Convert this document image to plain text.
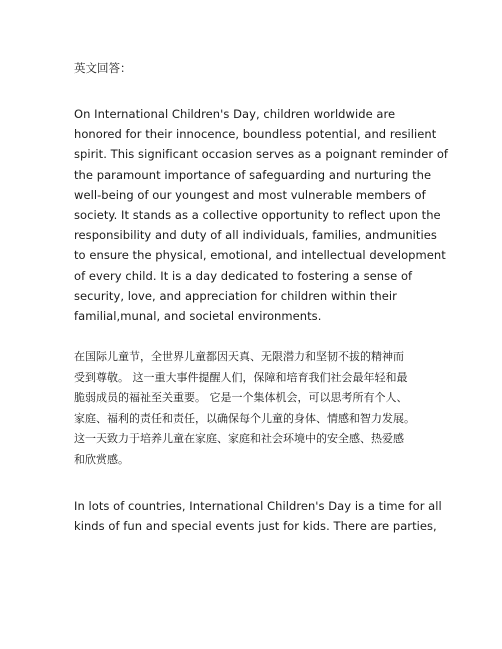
英文回答：

On International Children's Day, children worldwide are
honored for their innocence, boundless potential, and resilient
spirit. This significant occasion serves as a poignant reminder of
the paramount importance of safeguarding and nurturing the
well-being of our youngest and most vulnerable members of
society. It stands as a collective opportunity to reflect upon the
responsibility and duty of all individuals, families, andmunities
to ensure the physical, emotional, and intellectual development
of every child. It is a day dedicated to fostering a sense of
security, love, and appreciation for children within their
familial,munal, and societal environments.

在国际儿童节，全世界儿童都因天真、无限潜力和坚韧不拔的精神而
受到尊敬。 这一重大事件提醒人们，保障和培育我们社会最年轻和最
脆弱成员的福祉至关重要。 它是一个集体机会，可以思考所有个人、
家庭、福利的责任和责任，以确保每个儿童的身体、情感和智力发展。
这一天致力于培养儿童在家庭、家庭和社会环境中的安全感、热爱感
和欣赏感。

In lots of countries, International Children's Day is a time for all
kinds of fun and special events just for kids. There are parties,
